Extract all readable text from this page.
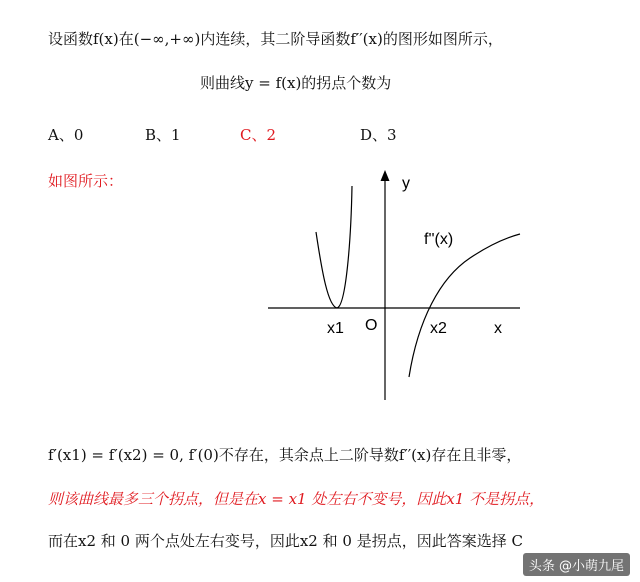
设函数f(x)在(−∞,+∞)内连续，其二阶导函数f′′(x)的图形如图所示，
则曲线y = f(x)的拐点个数为
A、0	B、1	C、2	D、3
如图所示：	y
x
O
f''(x)
x1	x2
f′(x1) = f′(x2) = 0, f′(0)不存在，其余点上二阶导数f′′(x)存在且非零，
则该曲线最多三个拐点，但是在x = x1 处左右不变号，因此x1 不是拐点，
而在x2 和 0 两个点处左右变号，因此x2 和 0 是拐点，因此答案选择 C
头条 @小萌九尾
